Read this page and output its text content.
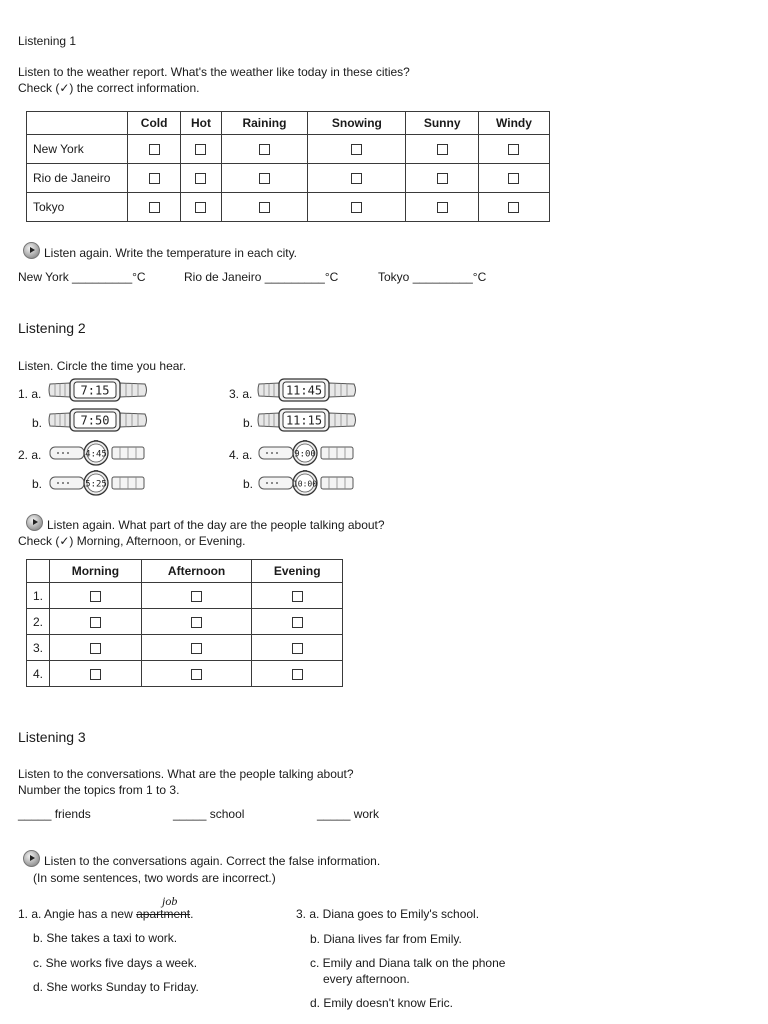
Listening 1
Listen to the weather report. What's the weather like today in these cities?
Check (✓) the correct information.
	Cold	Hot	Raining	Snowing	Sunny	Windy
New York						
Rio de Janeiro						
Tokyo						
Listen again. Write the temperature in each city.
New York _________°C	Rio de Janeiro _________°C	Tokyo _________°C
Listening 2
Listen. Circle the time you hear.
1. a.
b.
2. a.
b.
3. a.
b.
4. a.
b.
7:15
7:50
11:45
11:15
4:45
5:25
9:00
10:00
Listen again. What part of the day are the people talking about?
Check (✓) Morning, Afternoon, or Evening.
	Morning	Afternoon	Evening
1.			
2.			
3.			
4.			
Listening 3
Listen to the conversations. What are the people talking about?
Number the topics from 1 to 3.
_____ friends	_____ school	_____ work
Listen to the conversations again. Correct the false information.
(In some sentences, two words are incorrect.)
job
1. a. Angie has a new apartment.
b. She takes a taxi to work.
c. She works five days a week.
d. She works Sunday to Friday.
3. a. Diana goes to Emily's school.
b. Diana lives far from Emily.
c. Emily and Diana talk on the phone
every afternoon.
d. Emily doesn't know Eric.
